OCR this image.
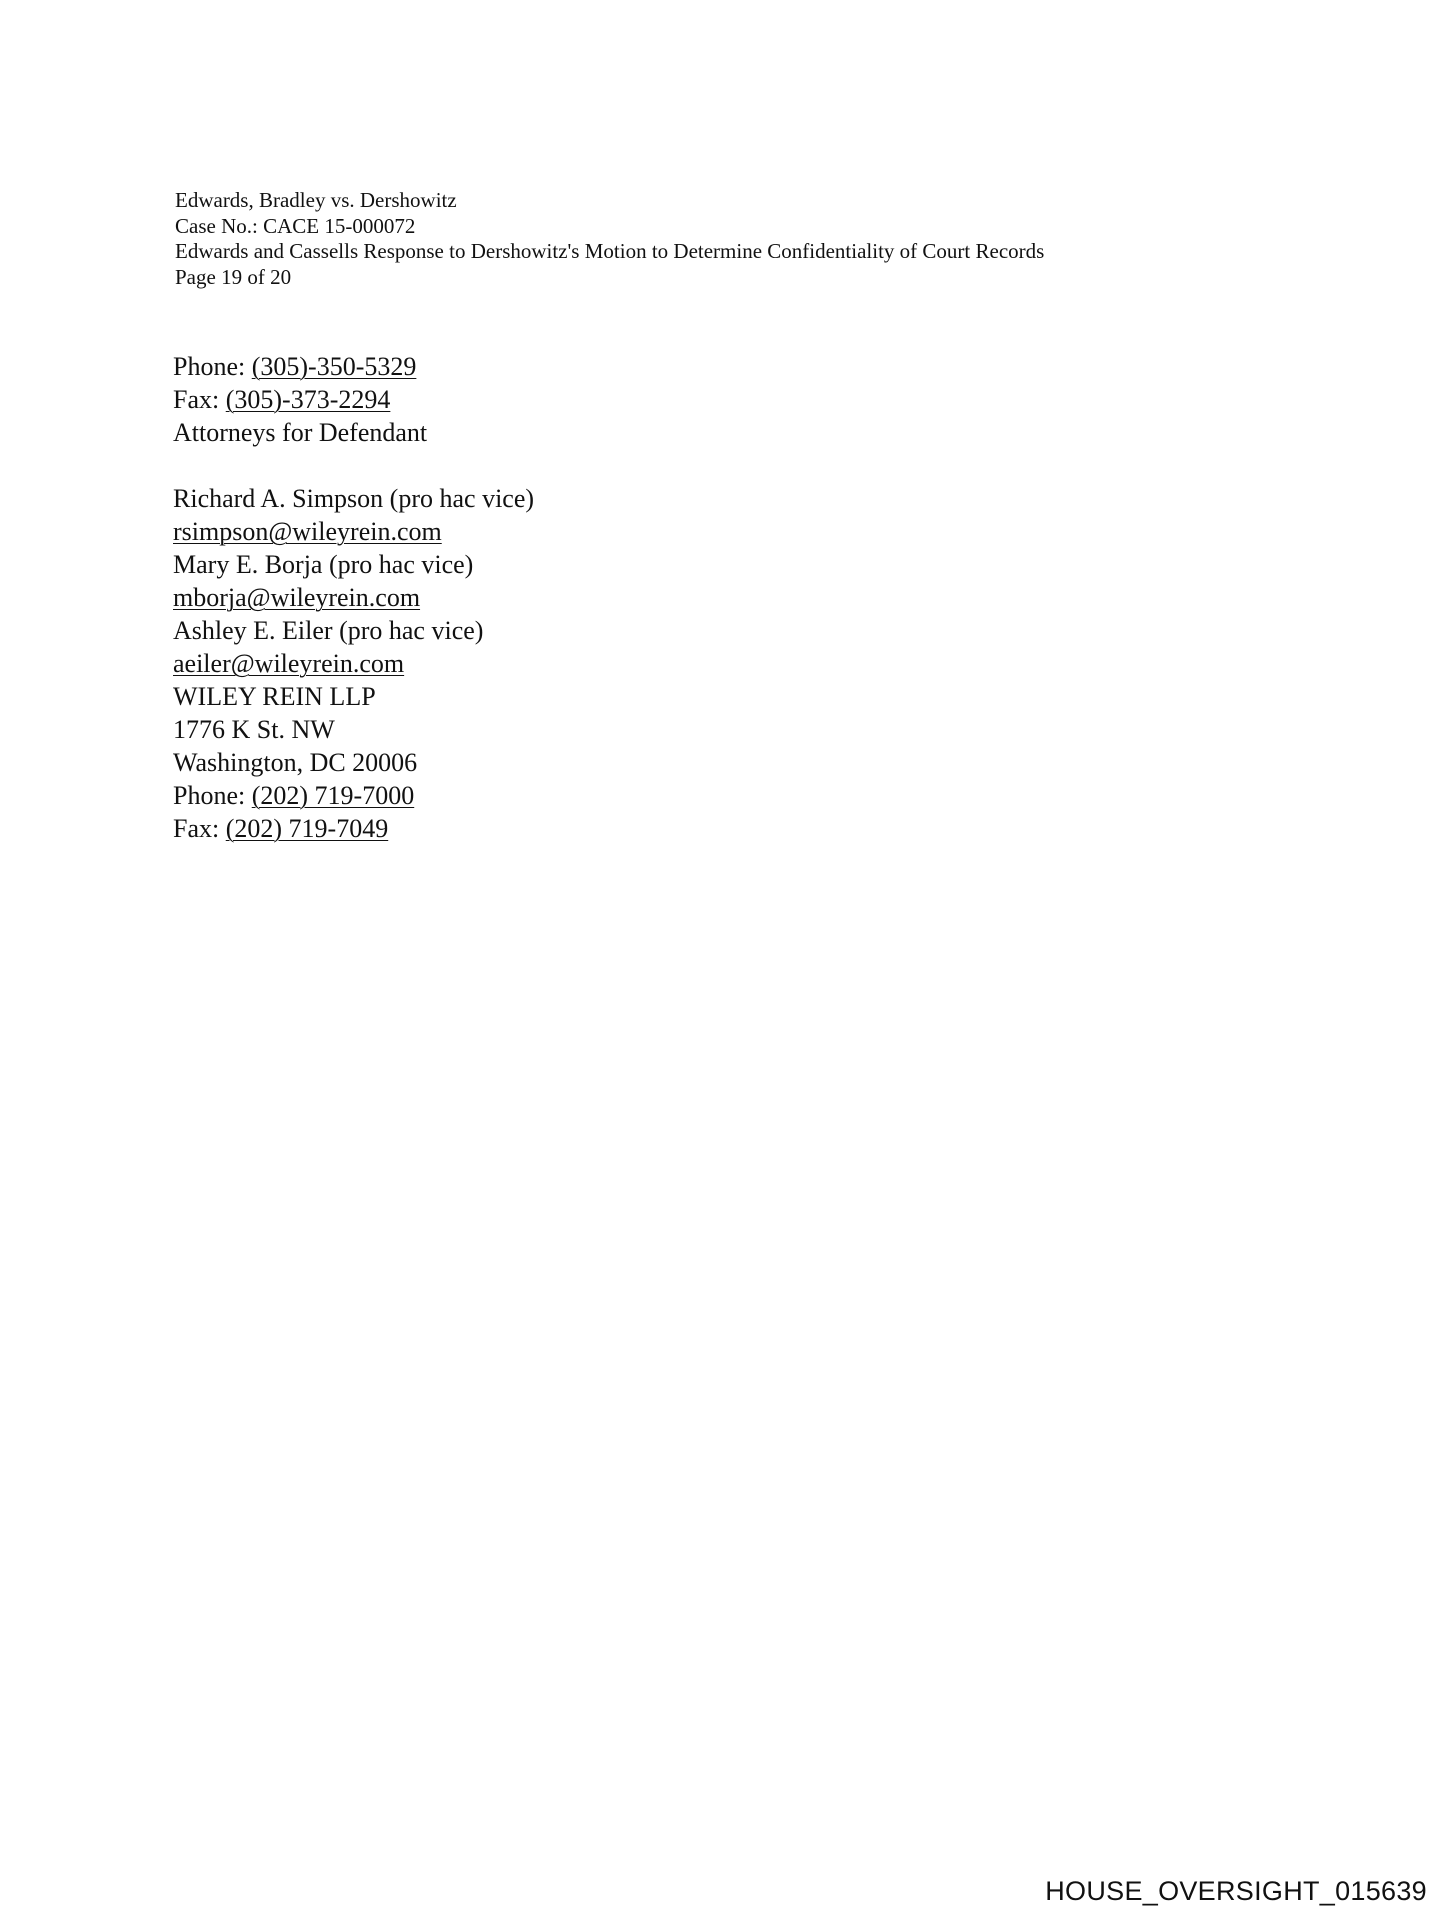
Edwards, Bradley vs. Dershowitz
Case No.: CACE 15-000072
Edwards and Cassells Response to Dershowitz's Motion to Determine Confidentiality of Court Records
Page 19 of 20
Phone: (305)-350-5329
Fax: (305)-373-2294
Attorneys for Defendant
Richard A. Simpson (pro hac vice)
rsimpson@wileyrein.com
Mary E. Borja (pro hac vice)
mborja@wileyrein.com
Ashley E. Eiler (pro hac vice)
aeiler@wileyrein.com
WILEY REIN LLP
1776 K St. NW
Washington, DC 20006
Phone: (202) 719-7000
Fax: (202) 719-7049
HOUSE_OVERSIGHT_015639
